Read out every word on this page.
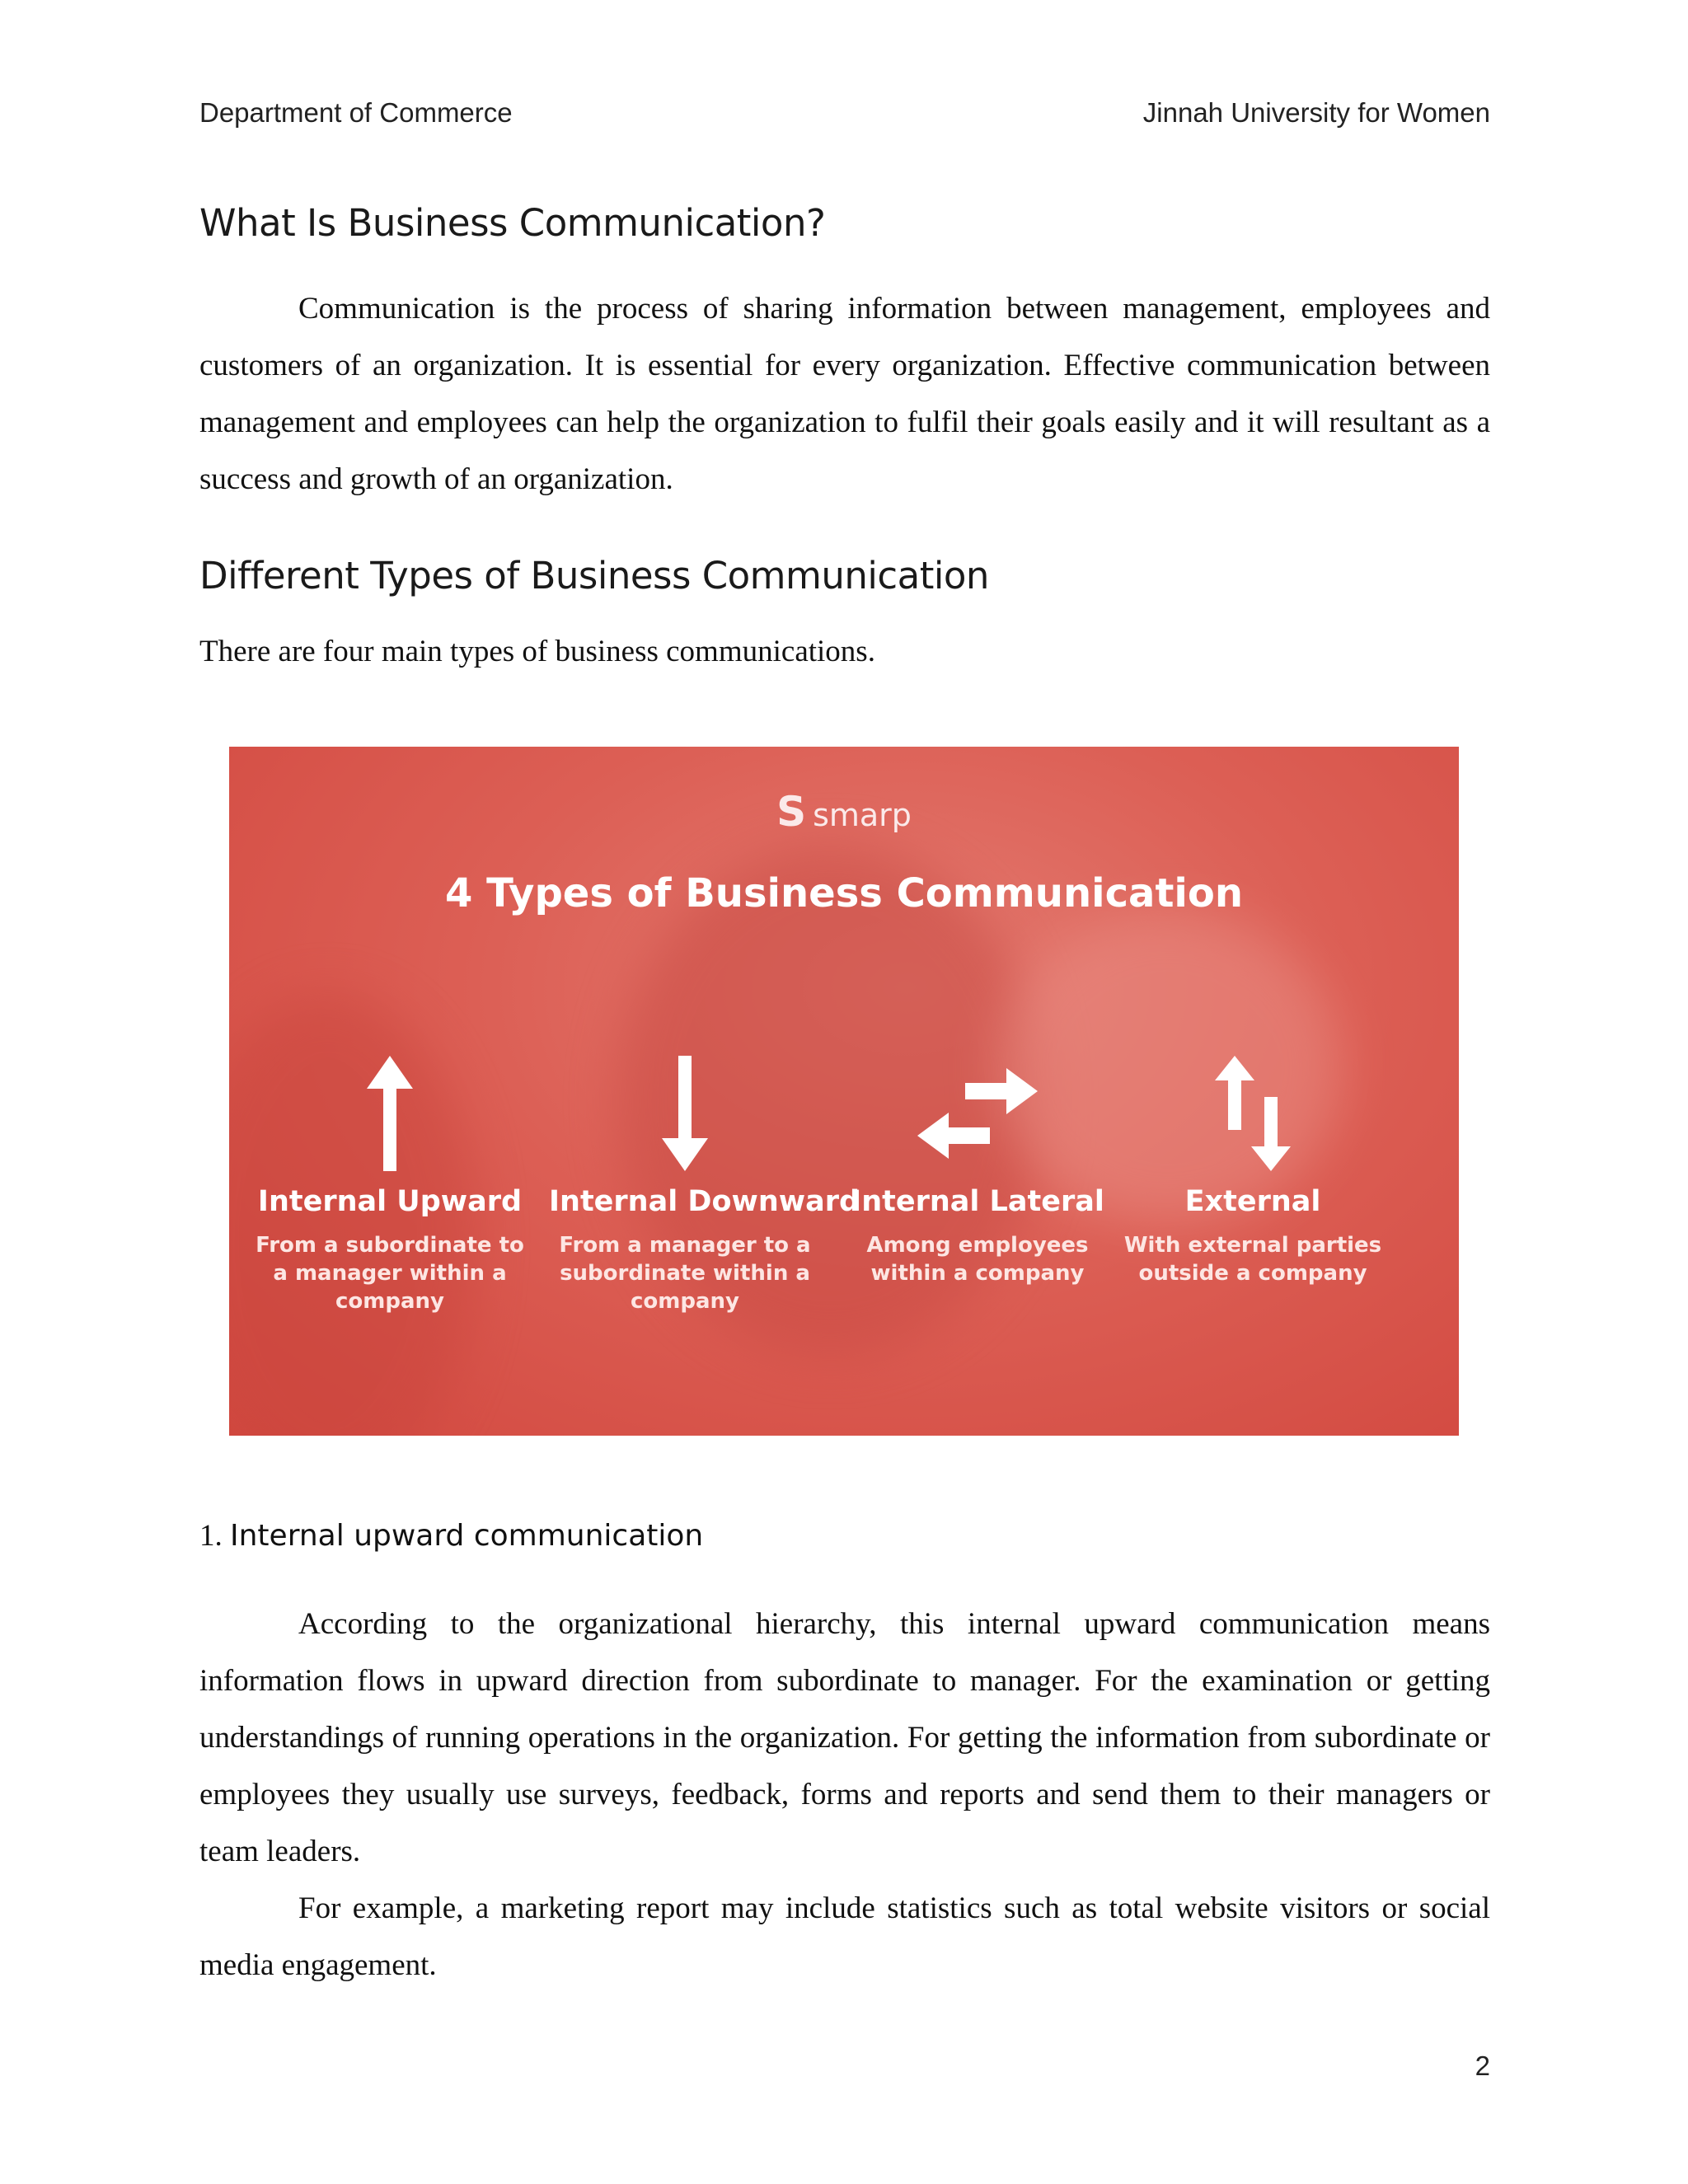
Department of Commerce	Jinnah University for Women
What Is Business Communication?

Communication is the process of sharing information between management, employees and customers of an organization. It is essential for every organization. Effective communication between management and employees can help the organization to fulfil their goals easily and it will resultant as a success and growth of an organization.

Different Types of Business Communication

There are four main types of business communications.

S smarp
4 Types of Business Communication
Internal Upward
From a subordinate to a manager within a company
Internal Downward
From a manager to a subordinate within a company
Internal Lateral
Among employees within a company
External
With external parties outside a company
1. Internal upward communication

According to the organizational hierarchy, this internal upward communication means information flows in upward direction from subordinate to manager. For the examination or getting understandings of running operations in the organization. For getting the information from subordinate or employees they usually use surveys, feedback, forms and reports and send them to their managers or team leaders.

For example, a marketing report may include statistics such as total website visitors or social media engagement.

2
